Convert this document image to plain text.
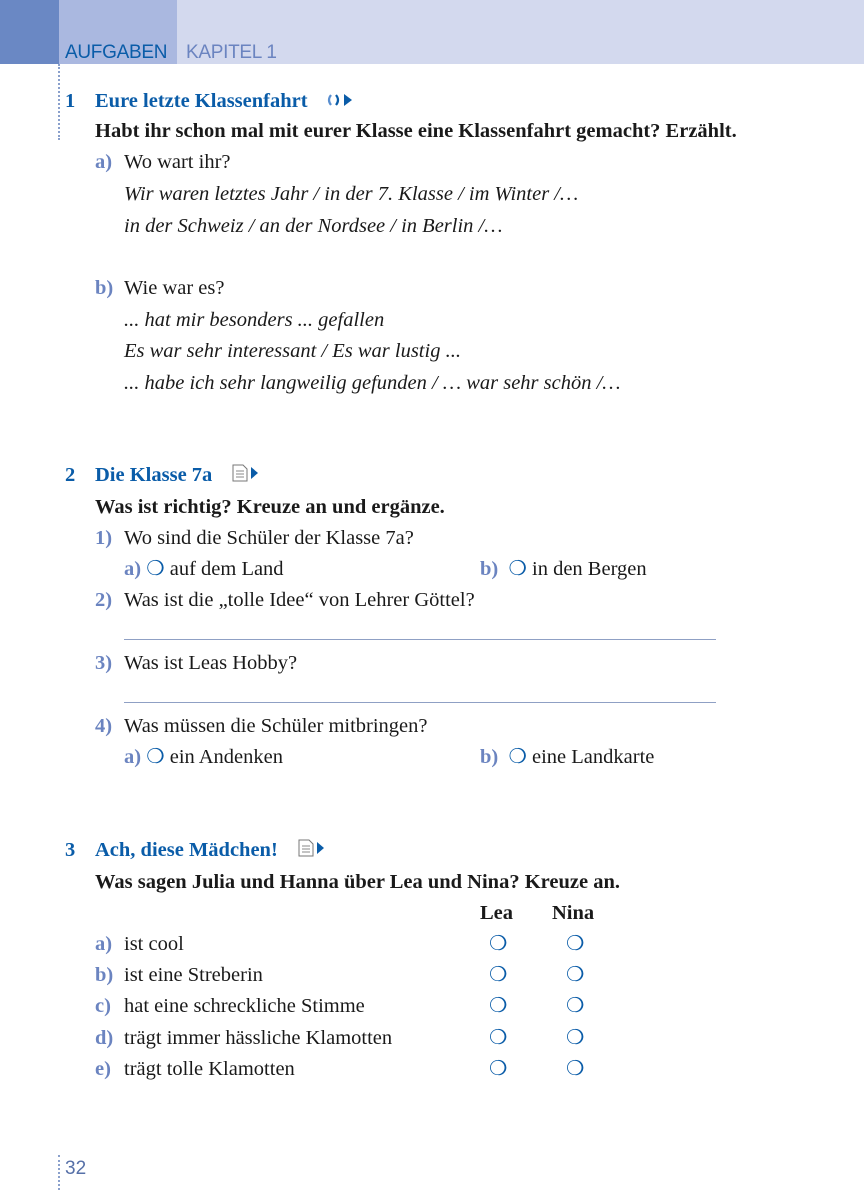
AUFGABEN KAPITEL 1
1 Eure letzte Klassenfahrt
Habt ihr schon mal mit eurer Klasse eine Klassenfahrt gemacht? Erzählt.
a) Wo wart ihr?
Wir waren letztes Jahr / in der 7. Klasse / im Winter /…
in der Schweiz / an der Nordsee / in Berlin /…
b) Wie war es?
... hat mir besonders ... gefallen
Es war sehr interessant / Es war lustig ...
... habe ich sehr langweilig gefunden / … war sehr schön /…
2 Die Klasse 7a
Was ist richtig? Kreuze an und ergänze.
1) Wo sind die Schüler der Klasse 7a?
a) ❍ auf dem Land	b) ❍ in den Bergen
2) Was ist die „tolle Idee“ von Lehrer Göttel?
3) Was ist Leas Hobby?
4) Was müssen die Schüler mitbringen?
a) ❍ ein Andenken	b) ❍ eine Landkarte
3 Ach, diese Mädchen!
Was sagen Julia und Hanna über Lea und Nina? Kreuze an.
Lea Nina
a) ist cool	❍	❍
b) ist eine Streberin	❍	❍
c) hat eine schreckliche Stimme	❍	❍
d) trägt immer hässliche Klamotten	❍	❍
e) trägt tolle Klamotten	❍	❍
32
